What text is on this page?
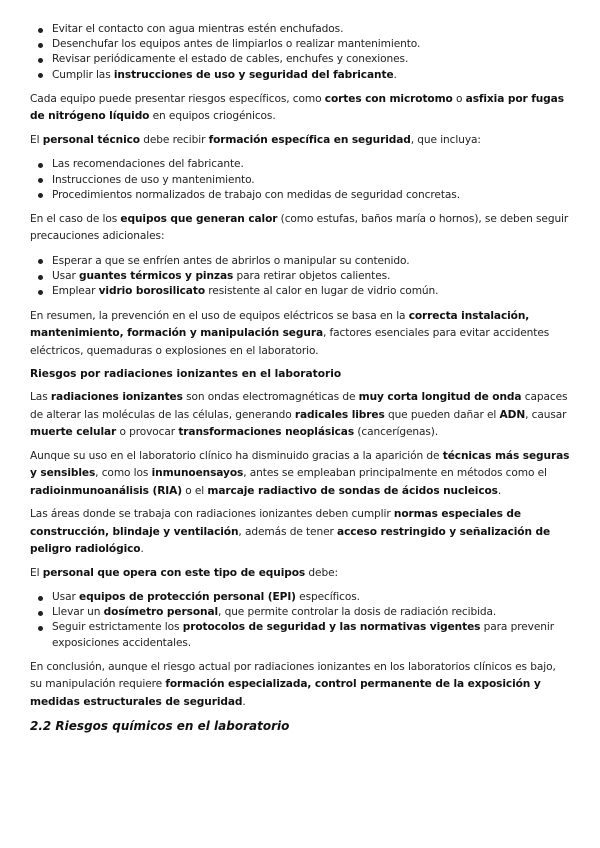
Evitar el contacto con agua mientras estén enchufados.
Desenchufar los equipos antes de limpiarlos o realizar mantenimiento.
Revisar periódicamente el estado de cables, enchufes y conexiones.
Cumplir las instrucciones de uso y seguridad del fabricante.

Cada equipo puede presentar riesgos específicos, como cortes con microtomo o asfixia por fugas de nitrógeno líquido en equipos criogénicos.

El personal técnico debe recibir formación específica en seguridad, que incluya:

Las recomendaciones del fabricante.
Instrucciones de uso y mantenimiento.
Procedimientos normalizados de trabajo con medidas de seguridad concretas.

En el caso de los equipos que generan calor (como estufas, baños maría o hornos), se deben seguir precauciones adicionales:

Esperar a que se enfríen antes de abrirlos o manipular su contenido.
Usar guantes térmicos y pinzas para retirar objetos calientes.
Emplear vidrio borosilicato resistente al calor en lugar de vidrio común.

En resumen, la prevención en el uso de equipos eléctricos se basa en la correcta instalación, mantenimiento, formación y manipulación segura, factores esenciales para evitar accidentes eléctricos, quemaduras o explosiones en el laboratorio.

Riesgos por radiaciones ionizantes en el laboratorio

Las radiaciones ionizantes son ondas electromagnéticas de muy corta longitud de onda capaces de alterar las moléculas de las células, generando radicales libres que pueden dañar el ADN, causar muerte celular o provocar transformaciones neoplásicas (cancerígenas).

Aunque su uso en el laboratorio clínico ha disminuido gracias a la aparición de técnicas más seguras y sensibles, como los inmunoensayos, antes se empleaban principalmente en métodos como el radioinmunoanálisis (RIA) o el marcaje radiactivo de sondas de ácidos nucleicos.

Las áreas donde se trabaja con radiaciones ionizantes deben cumplir normas especiales de construcción, blindaje y ventilación, además de tener acceso restringido y señalización de peligro radiológico.

El personal que opera con este tipo de equipos debe:

Usar equipos de protección personal (EPI) específicos.
Llevar un dosímetro personal, que permite controlar la dosis de radiación recibida.
Seguir estrictamente los protocolos de seguridad y las normativas vigentes para prevenir exposiciones accidentales.

En conclusión, aunque el riesgo actual por radiaciones ionizantes en los laboratorios clínicos es bajo, su manipulación requiere formación especializada, control permanente de la exposición y medidas estructurales de seguridad.

2.2 Riesgos químicos en el laboratorio
